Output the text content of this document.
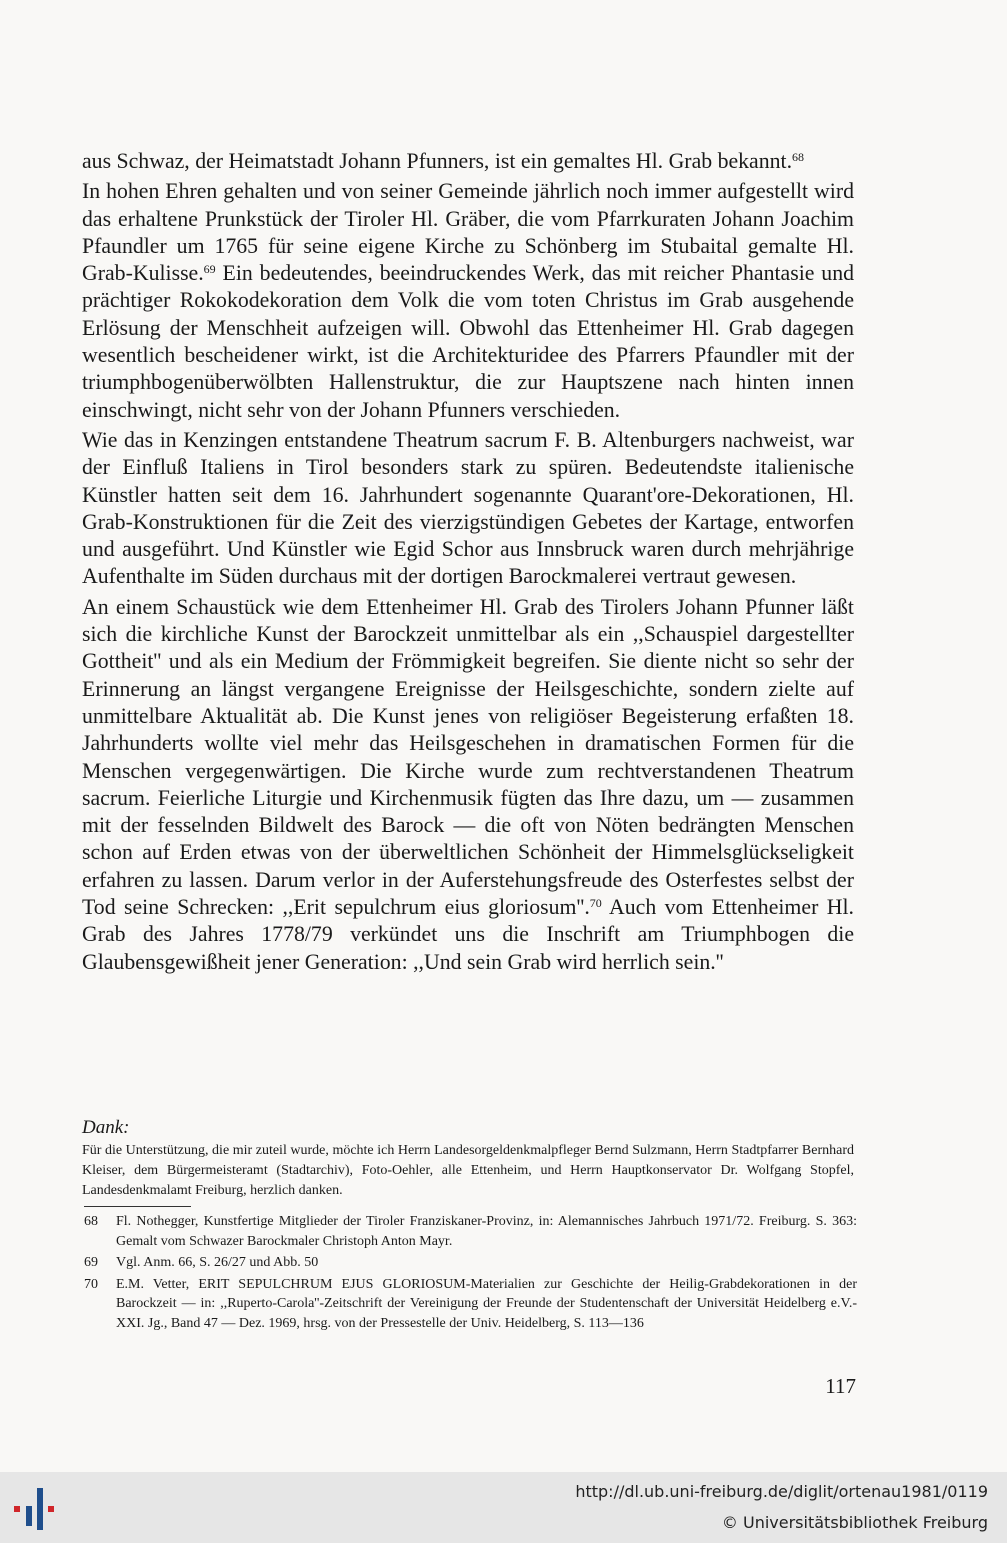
aus Schwaz, der Heimatstadt Johann Pfunners, ist ein gemaltes Hl. Grab bekannt.$^{68}$

In hohen Ehren gehalten und von seiner Gemeinde jährlich noch immer aufgestellt wird das erhaltene Prunkstück der Tiroler Hl. Gräber, die vom Pfarrkuraten Johann Joachim Pfaundler um 1765 für seine eigene Kirche zu Schönberg im Stubaital gemalte Hl. Grab-Kulisse.$^{69}$ Ein bedeutendes, beeindruckendes Werk, das mit reicher Phantasie und prächtiger Rokokodekoration dem Volk die vom toten Christus im Grab ausgehende Erlösung der Menschheit aufzeigen will. Obwohl das Ettenheimer Hl. Grab dagegen wesentlich bescheidener wirkt, ist die Architekturidee des Pfarrers Pfaundler mit der triumphbogenüberwölbten Hallenstruktur, die zur Hauptszene nach hinten innen einschwingt, nicht sehr von der Johann Pfunners verschieden.

Wie das in Kenzingen entstandene Theatrum sacrum F. B. Altenburgers nachweist, war der Einfluß Italiens in Tirol besonders stark zu spüren. Bedeutendste italienische Künstler hatten seit dem 16. Jahrhundert sogenannte Quarant'ore-Dekorationen, Hl. Grab-Konstruktionen für die Zeit des vierzigstündigen Gebetes der Kartage, entworfen und ausgeführt. Und Künstler wie Egid Schor aus Innsbruck waren durch mehrjährige Aufenthalte im Süden durchaus mit der dortigen Barockmalerei vertraut gewesen.

An einem Schaustück wie dem Ettenheimer Hl. Grab des Tirolers Johann Pfunner läßt sich die kirchliche Kunst der Barockzeit unmittelbar als ein ,,Schauspiel dargestellter Gottheit'' und als ein Medium der Frömmigkeit begreifen. Sie diente nicht so sehr der Erinnerung an längst vergangene Ereignisse der Heilsgeschichte, sondern zielte auf unmittelbare Aktualität ab. Die Kunst jenes von religiöser Begeisterung erfaßten 18. Jahrhunderts wollte viel mehr das Heilsgeschehen in dramatischen Formen für die Menschen vergegenwärtigen. Die Kirche wurde zum rechtverstandenen Theatrum sacrum. Feierliche Liturgie und Kirchenmusik fügten das Ihre dazu, um — zusammen mit der fesselnden Bildwelt des Barock — die oft von Nöten bedrängten Menschen schon auf Erden etwas von der überweltlichen Schönheit der Himmelsglückseligkeit erfahren zu lassen. Darum verlor in der Auferstehungsfreude des Osterfestes selbst der Tod seine Schrecken: ,,Erit sepulchrum eius gloriosum''.$^{70}$ Auch vom Ettenheimer Hl. Grab des Jahres 1778/79 verkündet uns die Inschrift am Triumphbogen die Glaubensgewißheit jener Generation: ,,Und sein Grab wird herrlich sein.''

Dank:
Für die Unterstützung, die mir zuteil wurde, möchte ich Herrn Landesorgeldenkmalpfleger Bernd Sulzmann, Herrn Stadtpfarrer Bernhard Kleiser, dem Bürgermeisteramt (Stadtarchiv), Foto-Oehler, alle Ettenheim, und Herrn Hauptkonservator Dr. Wolfgang Stopfel, Landesdenkmalamt Freiburg, herzlich danken.
68	Fl. Nothegger, Kunstfertige Mitglieder der Tiroler Franziskaner-Provinz, in: Alemannisches Jahrbuch 1971/72. Freiburg. S. 363: Gemalt vom Schwazer Barockmaler Christoph Anton Mayr.
69	Vgl. Anm. 66, S. 26/27 und Abb. 50
70	E.M. Vetter, ERIT SEPULCHRUM EJUS GLORIOSUM-Materialien zur Geschichte der Heilig-Grabdekorationen in der Barockzeit — in: ,,Ruperto-Carola''-Zeitschrift der Vereinigung der Freunde der Studentenschaft der Universität Heidelberg e.V.-XXI. Jg., Band 47 — Dez. 1969, hrsg. von der Pressestelle der Univ. Heidelberg, S. 113—136
117
http://dl.ub.uni-freiburg.de/diglit/ortenau1981/0119
© Universitätsbibliothek Freiburg
